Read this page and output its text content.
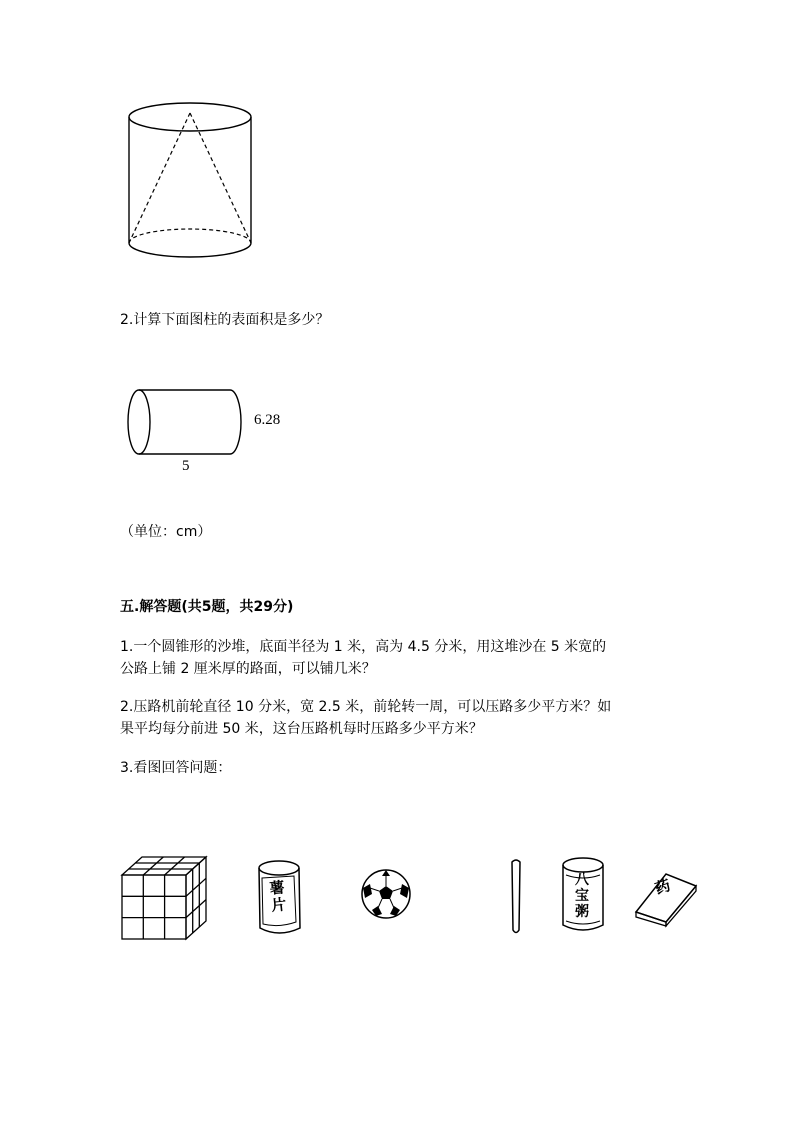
2.计算下面图柱的表面积是多少？
6.28
5
（单位：cm）
五.解答题(共5题，共29分)
1.一个圆锥形的沙堆，底面半径为 1 米，高为 4.5 分米，用这堆沙在 5 米宽的
公路上铺 2 厘米厚的路面，可以铺几米？
2.压路机前轮直径 10 分米，宽 2.5 米，前轮转一周，可以压路多少平方米？如
果平均每分前进 50 米，这台压路机每时压路多少平方米？
3.看图回答问题：
薯片
八宝粥
药
